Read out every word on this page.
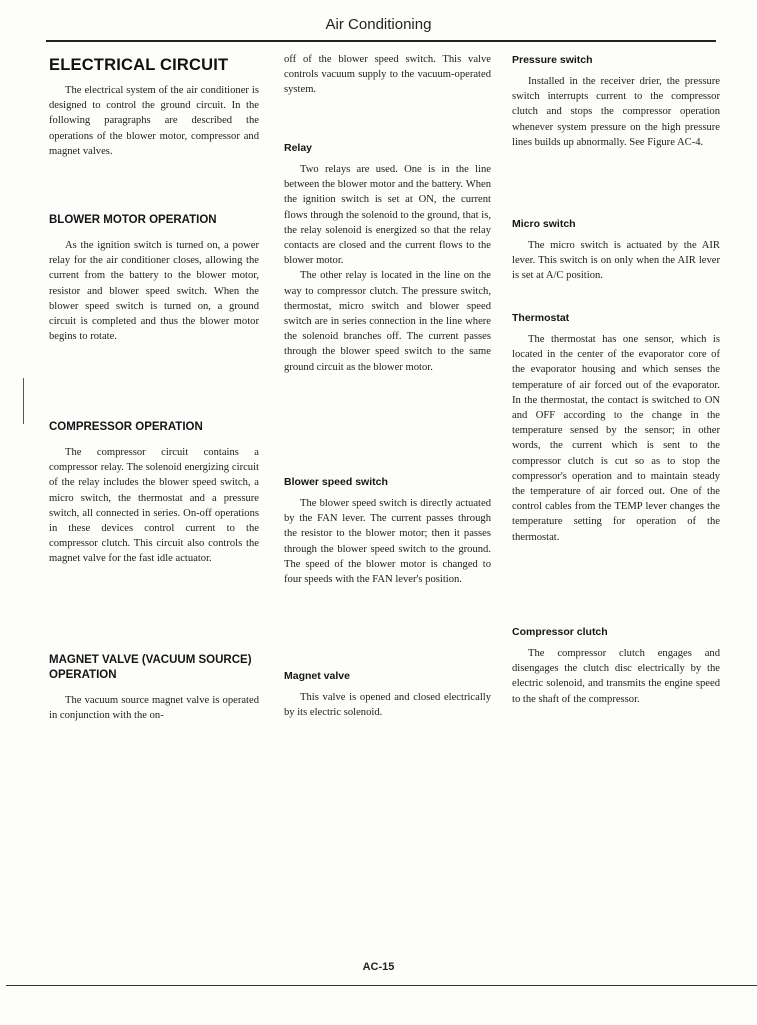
Air Conditioning
ELECTRICAL CIRCUIT

The electrical system of the air conditioner is designed to control the ground circuit. In the following paragraphs are described the operations of the blower motor, compressor and magnet valves.

BLOWER MOTOR OPERATION

As the ignition switch is turned on, a power relay for the air conditioner closes, allowing the current from the battery to the blower motor, resistor and blower speed switch. When the blower speed switch is turned on, a ground circuit is completed and thus the blower motor begins to rotate.

COMPRESSOR OPERATION

The compressor circuit contains a compressor relay. The solenoid energizing circuit of the relay includes the blower speed switch, a micro switch, the thermostat and a pressure switch, all connected in series. On-off operations in these devices control current to the compressor clutch. This circuit also controls the magnet valve for the fast idle actuator.

MAGNET VALVE (VACUUM SOURCE) OPERATION

The vacuum source magnet valve is operated in conjunction with the on-

off of the blower speed switch. This valve controls vacuum supply to the vacuum-operated system.

Relay

Two relays are used. One is in the line between the blower motor and the battery. When the ignition switch is set at ON, the current flows through the solenoid to the ground, that is, the relay solenoid is energized so that the relay contacts are closed and the current flows to the blower motor.

The other relay is located in the line on the way to compressor clutch. The pressure switch, thermostat, micro switch and blower speed switch are in series connection in the line where the solenoid branches off. The current passes through the blower speed switch to the same ground circuit as the blower motor.

Blower speed switch

The blower speed switch is directly actuated by the FAN lever. The current passes through the resistor to the blower motor; then it passes through the blower speed switch to the ground. The speed of the blower motor is changed to four speeds with the FAN lever's position.

Magnet valve

This valve is opened and closed electrically by its electric solenoid.

Pressure switch

Installed in the receiver drier, the pressure switch interrupts current to the compressor clutch and stops the compressor operation whenever system pressure on the high pressure lines builds up abnormally. See Figure AC-4.

Micro switch

The micro switch is actuated by the AIR lever. This switch is on only when the AIR lever is set at A/C position.

Thermostat

The thermostat has one sensor, which is located in the center of the evaporator core of the evaporator housing and which senses the temperature of air forced out of the evaporator. In the thermostat, the contact is switched to ON and OFF according to the change in the temperature sensed by the sensor; in other words, the current which is sent to the compressor clutch is cut so as to stop the compressor's operation and to maintain steady the temperature of air forced out. One of the control cables from the TEMP lever changes the temperature setting for operation of the thermostat.

Compressor clutch

The compressor clutch engages and disengages the clutch disc electrically by the electric solenoid, and transmits the engine speed to the shaft of the compressor.

AC-15
